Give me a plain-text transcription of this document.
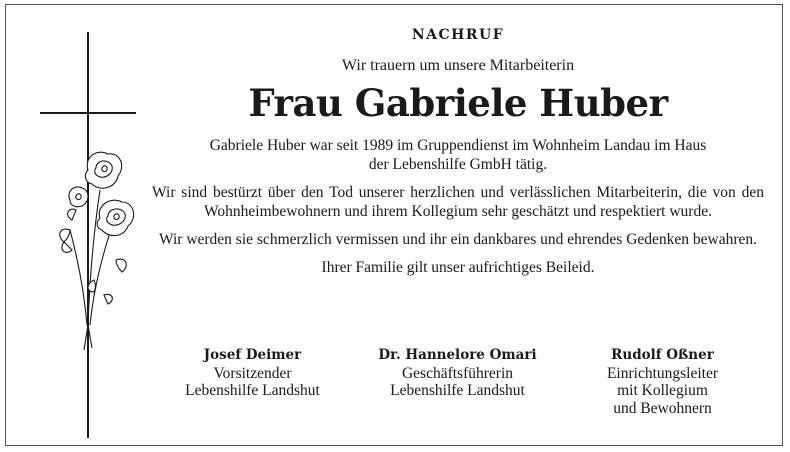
NACHRUF

Wir trauern um unsere Mitarbeiterin

Frau Gabriele Huber

Gabriele Huber war seit 1989 im Gruppendienst im Wohnheim Landau im Haus der Lebenshilfe GmbH tätig.

Wir sind bestürzt über den Tod unserer herzlichen und verlässlichen Mitarbeiterin, die von den Wohnheimbewohnern und ihrem Kollegium sehr geschätzt und respektiert wurde.

Wir werden sie schmerzlich vermissen und ihr ein dankbares und ehrendes Gedenken bewahren.

Ihrer Familie gilt unser aufrichtiges Beileid.

Josef Deimer
Vorsitzender
Lebenshilfe Landshut
Dr. Hannelore Omari
Geschäftsführerin
Lebenshilfe Landshut
Rudolf Oßner
Einrichtungsleiter
mit Kollegium
und Bewohnern
